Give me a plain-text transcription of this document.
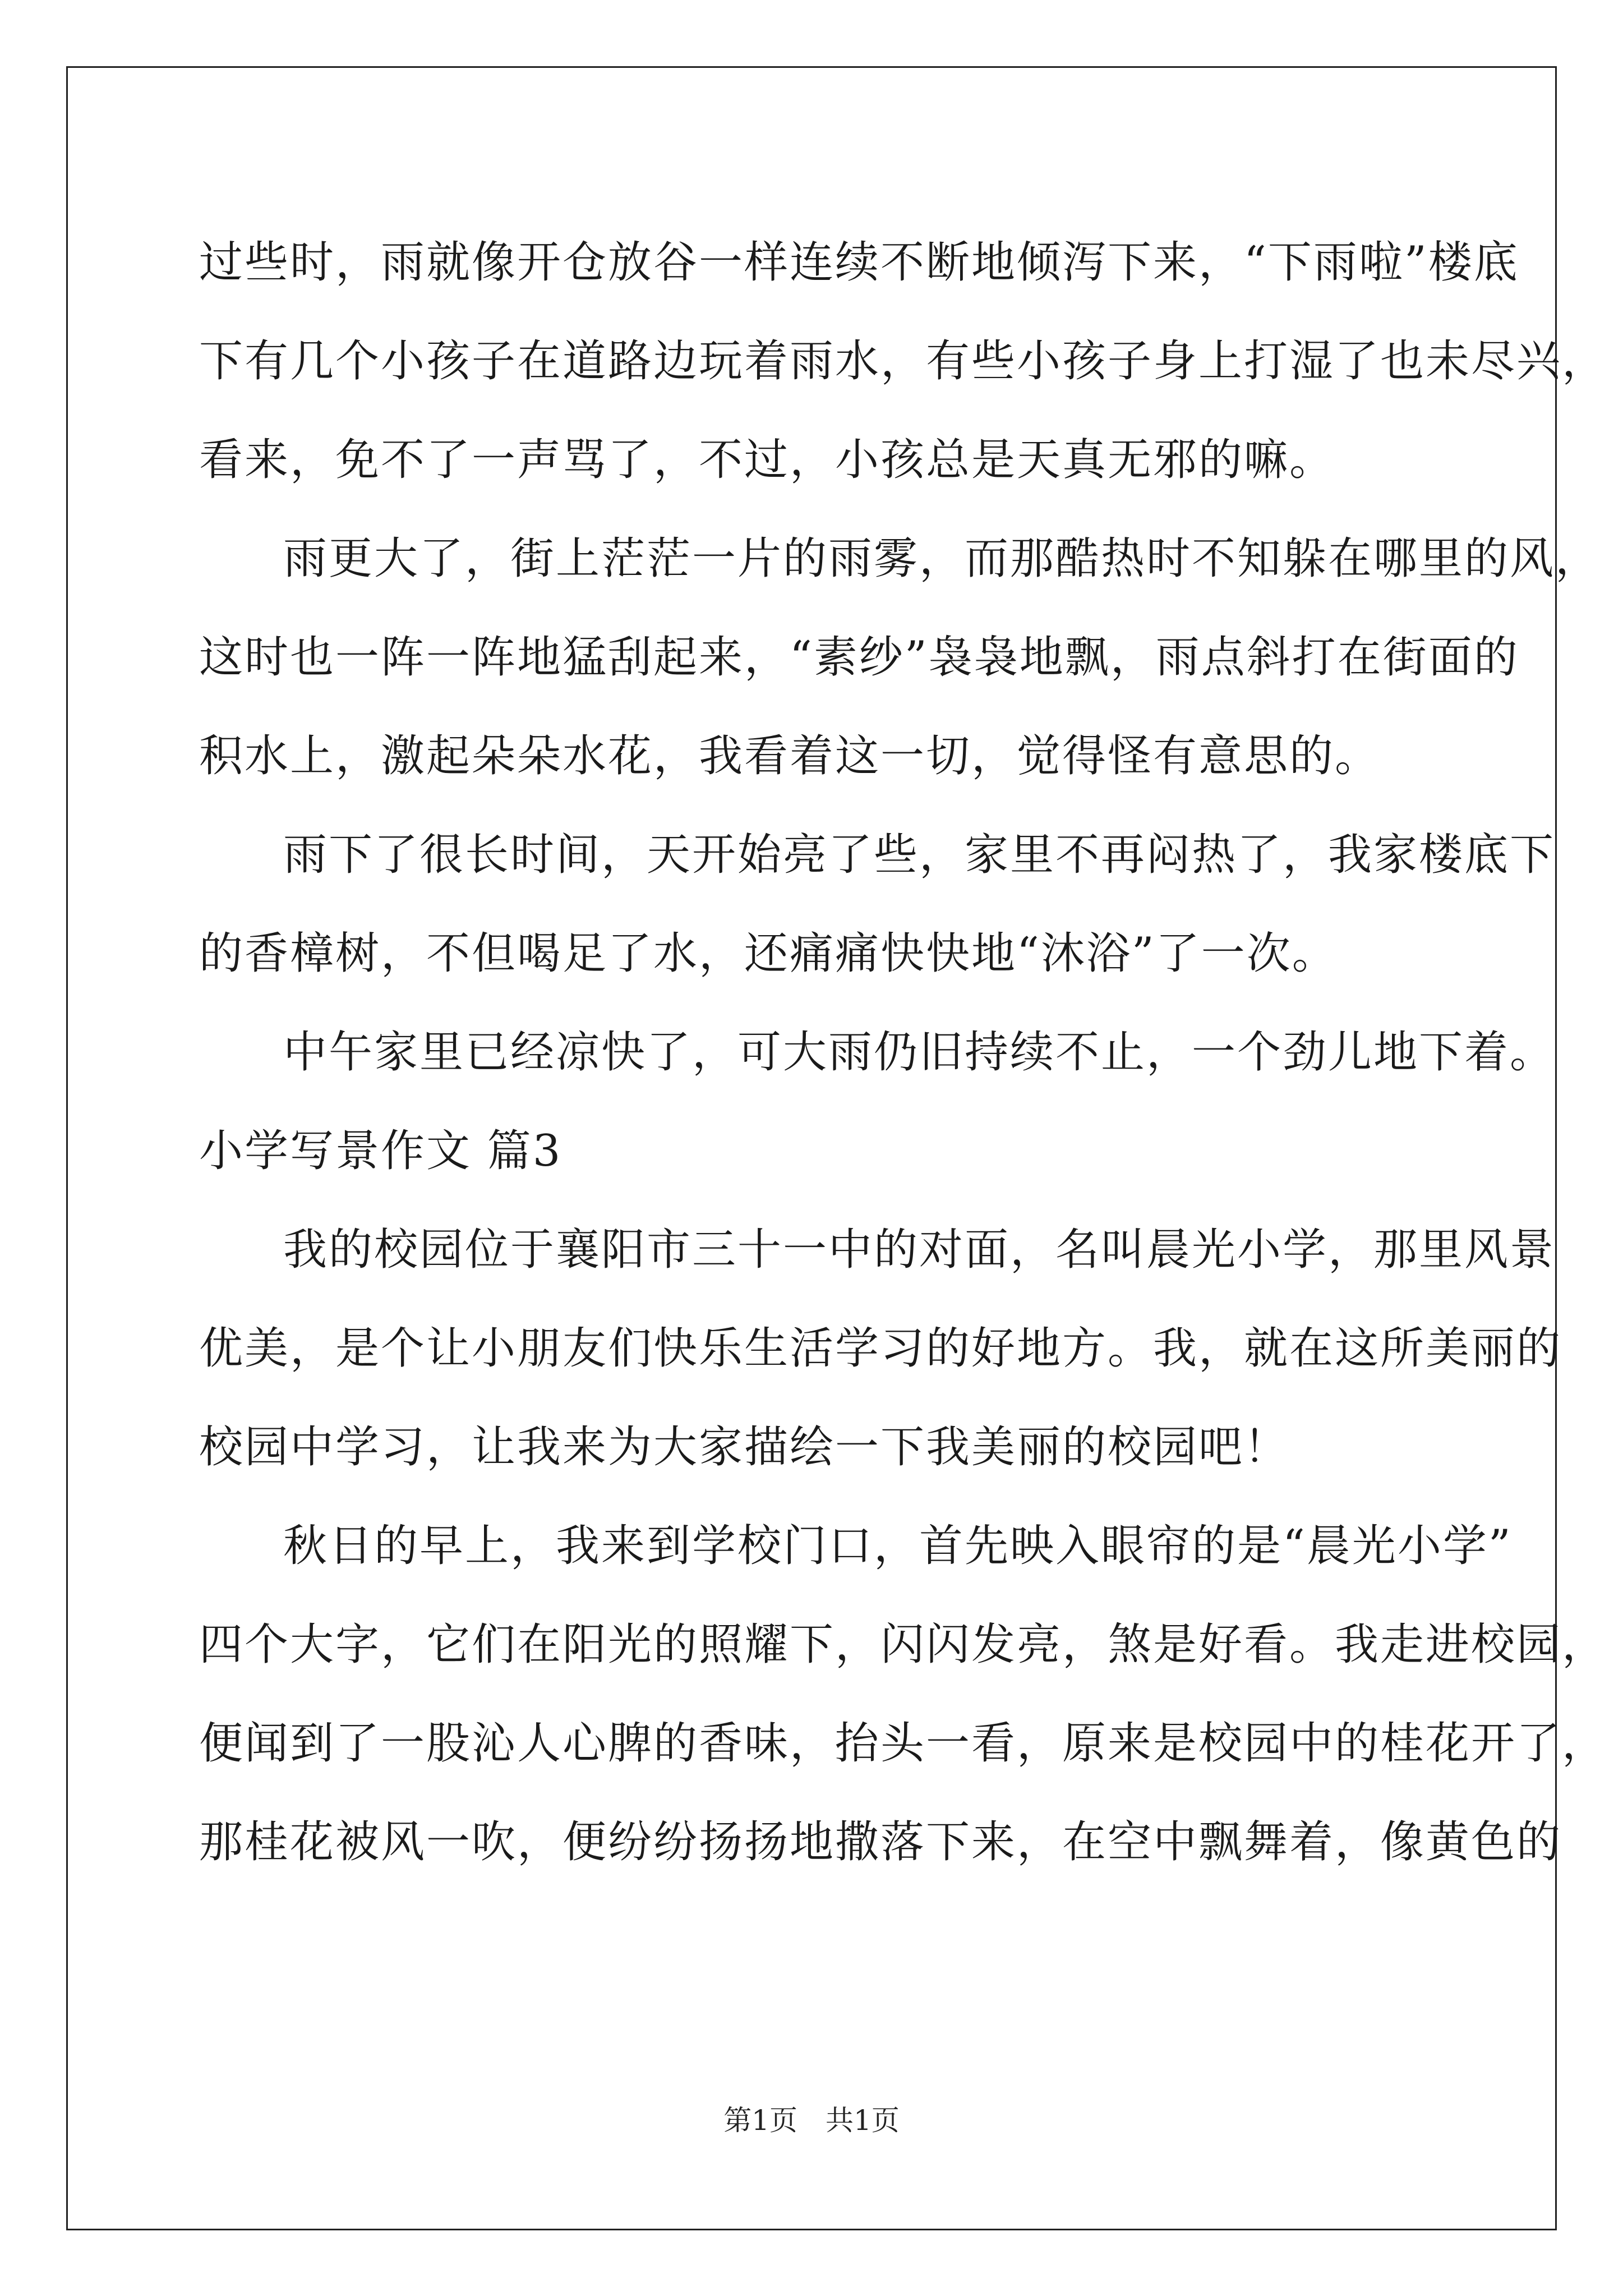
过些时，雨就像开仓放谷一样连续不断地倾泻下来，“下雨啦”楼底
下有几个小孩子在道路边玩着雨水，有些小孩子身上打湿了也未尽兴，
看来，免不了一声骂了，不过，小孩总是天真无邪的嘛。
雨更大了，街上茫茫一片的雨雾，而那酷热时不知躲在哪里的风，
这时也一阵一阵地猛刮起来，“素纱”袅袅地飘，雨点斜打在街面的
积水上，激起朵朵水花，我看着这一切，觉得怪有意思的。
雨下了很长时间，天开始亮了些，家里不再闷热了，我家楼底下
的香樟树，不但喝足了水，还痛痛快快地“沐浴”了一次。
中午家里已经凉快了，可大雨仍旧持续不止，一个劲儿地下着。
小学写景作文 篇3
我的校园位于襄阳市三十一中的对面，名叫晨光小学，那里风景
优美，是个让小朋友们快乐生活学习的好地方。我，就在这所美丽的
校园中学习，让我来为大家描绘一下我美丽的校园吧！
秋日的早上，我来到学校门口，首先映入眼帘的是“晨光小学”
四个大字，它们在阳光的照耀下，闪闪发亮，煞是好看。我走进校园，
便闻到了一股沁人心脾的香味，抬头一看，原来是校园中的桂花开了，
那桂花被风一吹，便纷纷扬扬地撒落下来，在空中飘舞着，像黄色的
第1页　共1页
